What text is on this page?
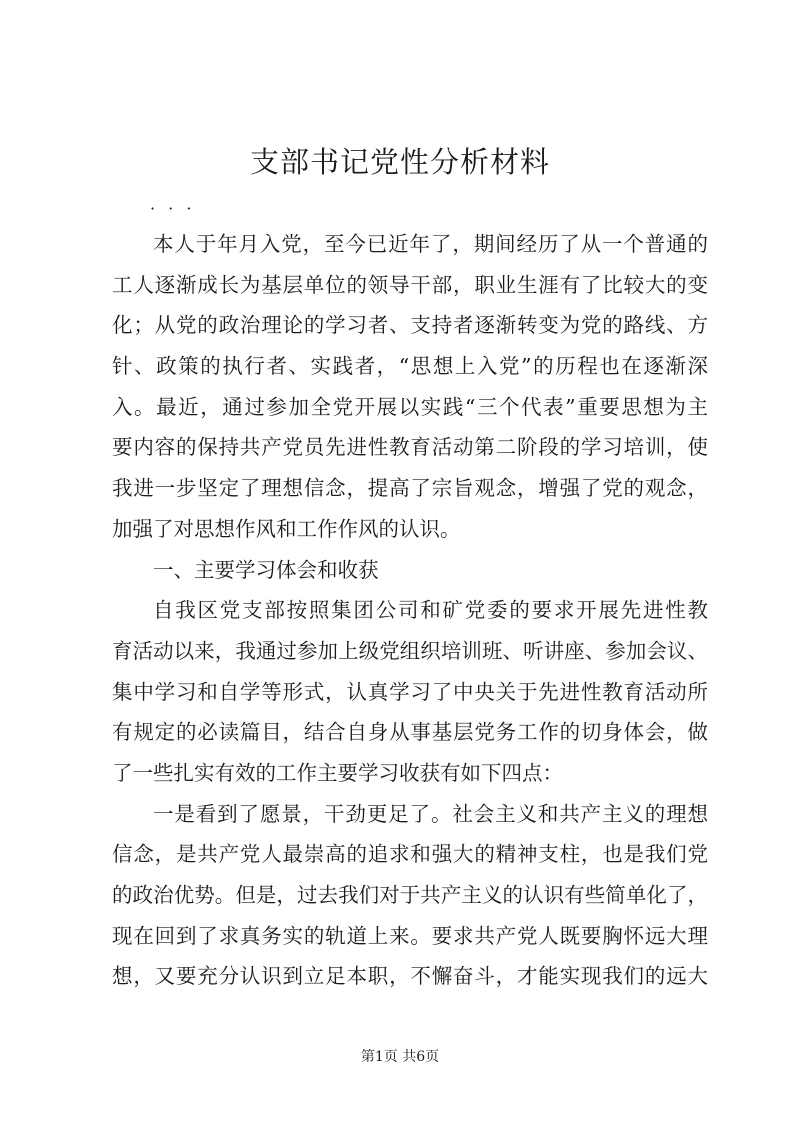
支部书记党性分析材料
· · ·
本人于年月入党，至今已近年了，期间经历了从一个普通的
工人逐渐成长为基层单位的领导干部，职业生涯有了比较大的变
化；从党的政治理论的学习者、支持者逐渐转变为党的路线、方
针、政策的执行者、实践者，“思想上入党”的历程也在逐渐深
入。最近，通过参加全党开展以实践“三个代表”重要思想为主
要内容的保持共产党员先进性教育活动第二阶段的学习培训，使
我进一步坚定了理想信念，提高了宗旨观念，增强了党的观念，
加强了对思想作风和工作作风的认识。
一、主要学习体会和收获
自我区党支部按照集团公司和矿党委的要求开展先进性教
育活动以来，我通过参加上级党组织培训班、听讲座、参加会议、
集中学习和自学等形式，认真学习了中央关于先进性教育活动所
有规定的必读篇目，结合自身从事基层党务工作的切身体会，做
了一些扎实有效的工作主要学习收获有如下四点：
一是看到了愿景，干劲更足了。社会主义和共产主义的理想
信念，是共产党人最崇高的追求和强大的精神支柱，也是我们党
的政治优势。但是，过去我们对于共产主义的认识有些简单化了，
现在回到了求真务实的轨道上来。要求共产党人既要胸怀远大理
想，又要充分认识到立足本职，不懈奋斗，才能实现我们的远大
第1页 共6页
